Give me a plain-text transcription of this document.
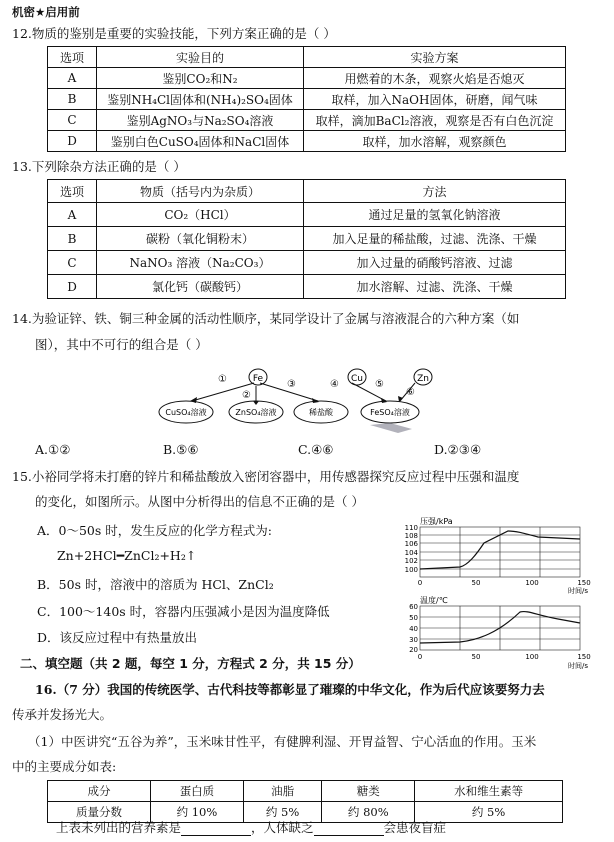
机密★启用前
12.物质的鉴别是重要的实验技能，下列方案正确的是（ ）
选项	实验目的	实验方案
A	鉴别CO₂和N₂	用燃着的木条，观察火焰是否熄灭
B	鉴别NH₄Cl固体和(NH₄)₂SO₄固体	取样，加入NaOH固体，研磨，闻气味
C	鉴别AgNO₃与Na₂SO₄溶液	取样，滴加BaCl₂溶液，观察是否有白色沉淀
D	鉴别白色CuSO₄固体和NaCl固体	取样，加水溶解，观察颜色
13.下列除杂方法正确的是（ ）
选项	物质（括号内为杂质）	方法
A	CO₂（HCl）	通过足量的氢氧化钠溶液
B	碳粉（氧化铜粉末）	加入足量的稀盐酸，过滤、洗涤、干燥
C	NaNO₃ 溶液（Na₂CO₃）	加入过量的硝酸钙溶液、过滤
D	氯化钙（碳酸钙）	加水溶解、过滤、洗涤、干燥
14.为验证锌、铁、铜三种金属的活动性顺序，某同学设计了金属与溶液混合的六种方案（如
图），其中不可行的组合是（ ）
Fe	Cu	Zn
CuSO₄溶液	ZnSO₄溶液	稀盐酸	FeSO₄溶液
①
②
③	④	⑤
⑥
A.①②	B.⑤⑥	C.④⑥	D.②③④
15.小裕同学将未打磨的锌片和稀盐酸放入密闭容器中，用传感器探究反应过程中压强和温度
的变化，如图所示。从图中分析得出的信息不正确的是（ ）
A．0～50s 时，发生反应的化学方程式为:
Zn+2HCl━ZnCl₂+H₂↑
B．50s 时，溶液中的溶质为 HCl、ZnCl₂
C．100～140s 时，容器内压强减小是因为温度降低
D．该反应过程中有热量放出
压强/kPa
110
108
106
104
102
100
0	50	100	150
时间/s
温度/℃
60
50
40
30
20
0	50	100	150
时间/s
二、填空题（共 2 题，每空 1 分，方程式 2 分，共 15 分）
16.（7 分）我国的传统医学、古代科技等都彰显了璀璨的中华文化，作为后代应该要努力去
传承并发扬光大。
（1）中医讲究“五谷为养”，玉米味甘性平，有健脾利湿、开胃益智、宁心活血的作用。玉米
中的主要成分如表:
成分	蛋白质	油脂	糖类	水和维生素等
质量分数	约 10%	约 5%	约 80%	约 5%
上表未列出的营养素是	，人体缺乏	会患夜盲症
